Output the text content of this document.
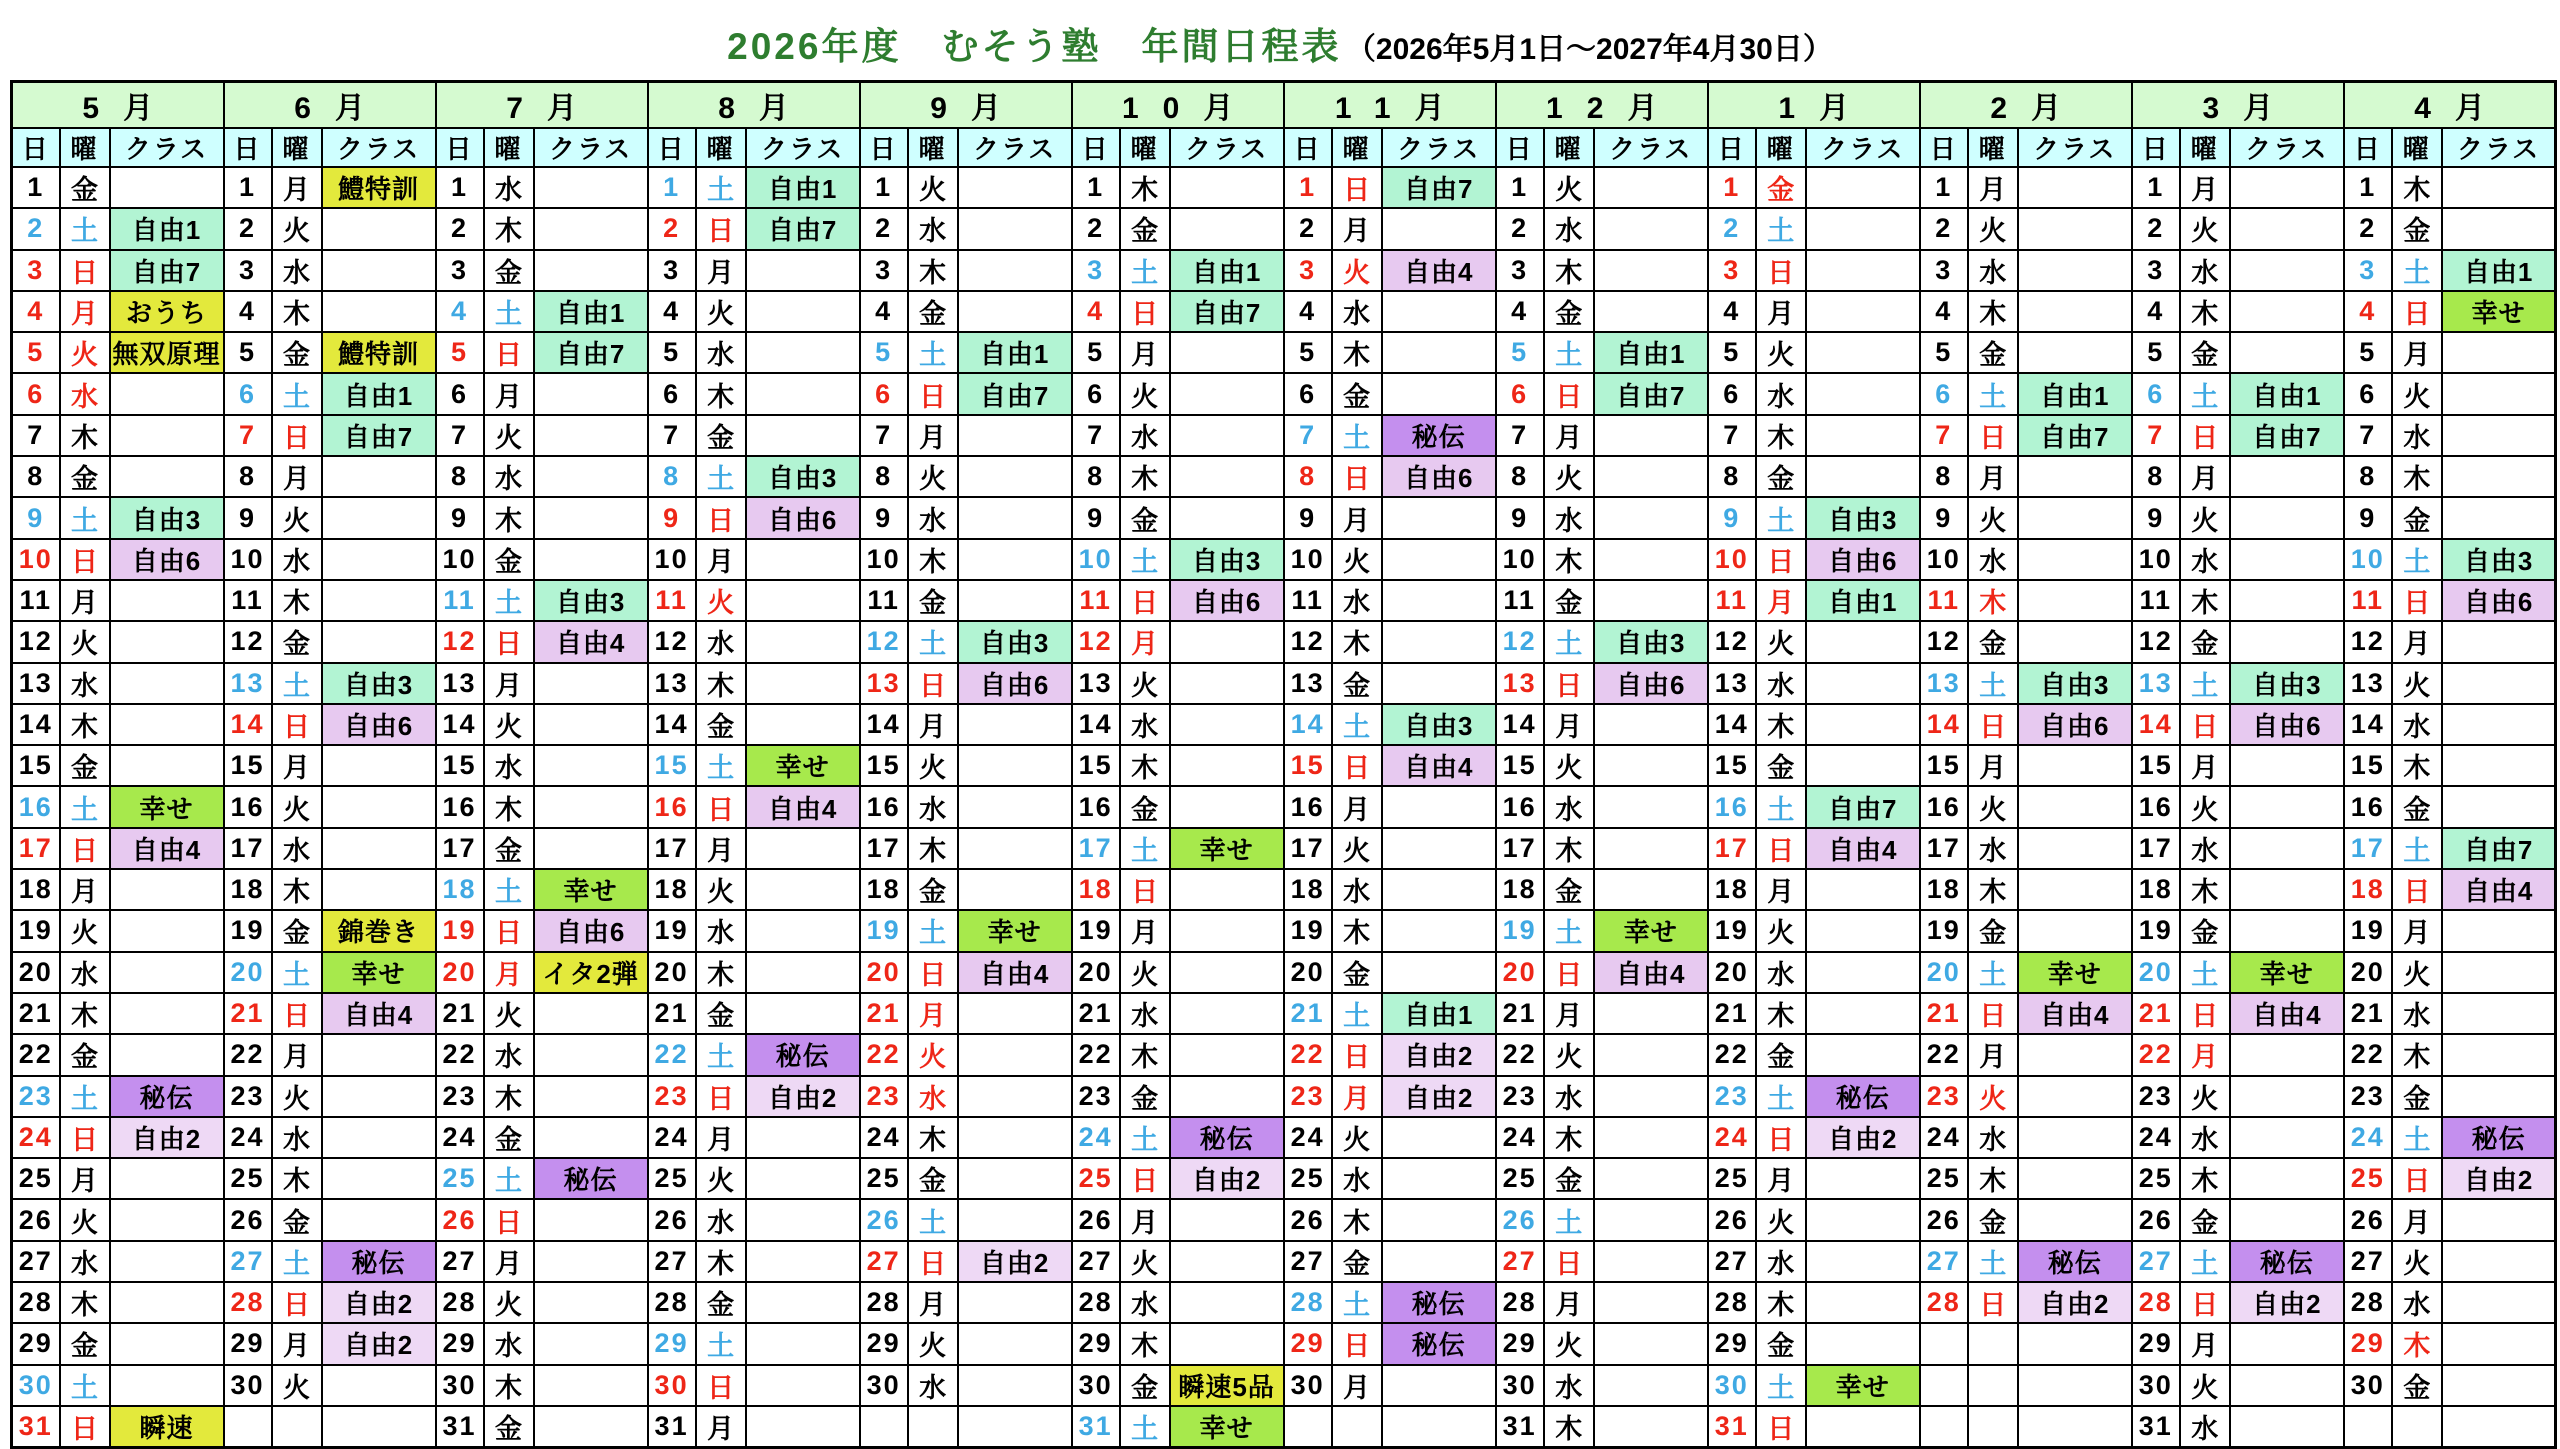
2026年度　むそう塾　年間日程表 （2026年5月1日～2027年4月30日）
5月			6月			7月			8月			9月			10月			11月			12月			1月			2月			3月			4月		
日	曜	クラス	日	曜	クラス	日	曜	クラス	日	曜	クラス	日	曜	クラス	日	曜	クラス	日	曜	クラス	日	曜	クラス	日	曜	クラス	日	曜	クラス	日	曜	クラス	日	曜	クラス
1	金		1	月	鱧特訓	1	水		1	土	自由1	1	火		1	木		1	日	自由7	1	火		1	金		1	月		1	月		1	木	
2	土	自由1	2	火		2	木		2	日	自由7	2	水		2	金		2	月		2	水		2	土		2	火		2	火		2	金	
3	日	自由7	3	水		3	金		3	月		3	木		3	土	自由1	3	火	自由4	3	木		3	日		3	水		3	水		3	土	自由1
4	月	おうち	4	木		4	土	自由1	4	火		4	金		4	日	自由7	4	水		4	金		4	月		4	木		4	木		4	日	幸せ
5	火	無双原理	5	金	鱧特訓	5	日	自由7	5	水		5	土	自由1	5	月		5	木		5	土	自由1	5	火		5	金		5	金		5	月	
6	水		6	土	自由1	6	月		6	木		6	日	自由7	6	火		6	金		6	日	自由7	6	水		6	土	自由1	6	土	自由1	6	火	
7	木		7	日	自由7	7	火		7	金		7	月		7	水		7	土	秘伝	7	月		7	木		7	日	自由7	7	日	自由7	7	水	
8	金		8	月		8	水		8	土	自由3	8	火		8	木		8	日	自由6	8	火		8	金		8	月		8	月		8	木	
9	土	自由3	9	火		9	木		9	日	自由6	9	水		9	金		9	月		9	水		9	土	自由3	9	火		9	火		9	金	
10	日	自由6	10	水		10	金		10	月		10	木		10	土	自由3	10	火		10	木		10	日	自由6	10	水		10	水		10	土	自由3
11	月		11	木		11	土	自由3	11	火		11	金		11	日	自由6	11	水		11	金		11	月	自由1	11	木		11	木		11	日	自由6
12	火		12	金		12	日	自由4	12	水		12	土	自由3	12	月		12	木		12	土	自由3	12	火		12	金		12	金		12	月	
13	水		13	土	自由3	13	月		13	木		13	日	自由6	13	火		13	金		13	日	自由6	13	水		13	土	自由3	13	土	自由3	13	火	
14	木		14	日	自由6	14	火		14	金		14	月		14	水		14	土	自由3	14	月		14	木		14	日	自由6	14	日	自由6	14	水	
15	金		15	月		15	水		15	土	幸せ	15	火		15	木		15	日	自由4	15	火		15	金		15	月		15	月		15	木	
16	土	幸せ	16	火		16	木		16	日	自由4	16	水		16	金		16	月		16	水		16	土	自由7	16	火		16	火		16	金	
17	日	自由4	17	水		17	金		17	月		17	木		17	土	幸せ	17	火		17	木		17	日	自由4	17	水		17	水		17	土	自由7
18	月		18	木		18	土	幸せ	18	火		18	金		18	日		18	水		18	金		18	月		18	木		18	木		18	日	自由4
19	火		19	金	錦巻き	19	日	自由6	19	水		19	土	幸せ	19	月		19	木		19	土	幸せ	19	火		19	金		19	金		19	月	
20	水		20	土	幸せ	20	月	イタ2弾	20	木		20	日	自由4	20	火		20	金		20	日	自由4	20	水		20	土	幸せ	20	土	幸せ	20	火	
21	木		21	日	自由4	21	火		21	金		21	月		21	水		21	土	自由1	21	月		21	木		21	日	自由4	21	日	自由4	21	水	
22	金		22	月		22	水		22	土	秘伝	22	火		22	木		22	日	自由2	22	火		22	金		22	月		22	月		22	木	
23	土	秘伝	23	火		23	木		23	日	自由2	23	水		23	金		23	月	自由2	23	水		23	土	秘伝	23	火		23	火		23	金	
24	日	自由2	24	水		24	金		24	月		24	木		24	土	秘伝	24	火		24	木		24	日	自由2	24	水		24	水		24	土	秘伝
25	月		25	木		25	土	秘伝	25	火		25	金		25	日	自由2	25	水		25	金		25	月		25	木		25	木		25	日	自由2
26	火		26	金		26	日		26	水		26	土		26	月		26	木		26	土		26	火		26	金		26	金		26	月	
27	水		27	土	秘伝	27	月		27	木		27	日	自由2	27	火		27	金		27	日		27	水		27	土	秘伝	27	土	秘伝	27	火	
28	木		28	日	自由2	28	火		28	金		28	月		28	水		28	土	秘伝	28	月		28	木		28	日	自由2	28	日	自由2	28	水	
29	金		29	月	自由2	29	水		29	土		29	火		29	木		29	日	秘伝	29	火		29	金					29	月		29	木	
30	土		30	火		30	木		30	日		30	水		30	金	瞬速5品	30	月		30	水		30	土	幸せ				30	火		30	金	
31	日	瞬速				31	金		31	月					31	土	幸せ				31	木		31	日					31	水				
